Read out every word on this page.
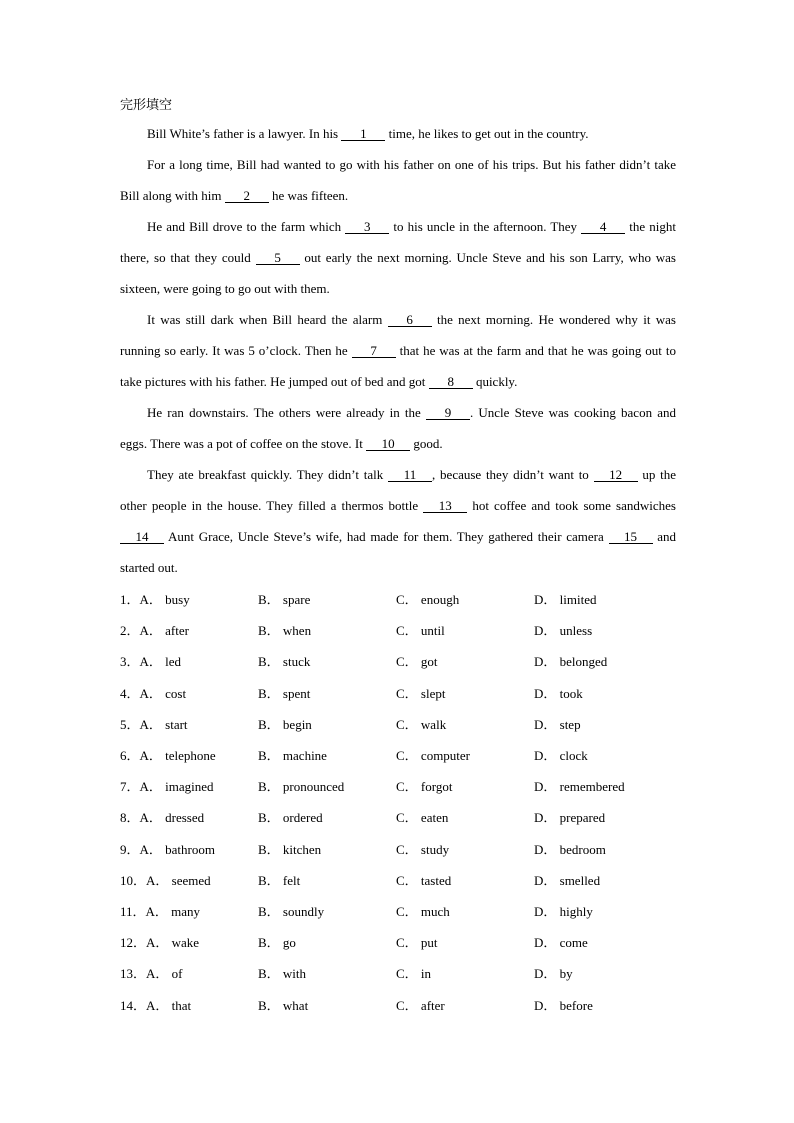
完形填空

Bill White’s father is a lawyer. In his 1 time, he likes to get out in the country.

For a long time, Bill had wanted to go with his father on one of his trips. But his father didn’t take Bill along with him 2 he was fifteen.

He and Bill drove to the farm which 3 to his uncle in the afternoon. They 4 the night there, so that they could 5 out early the next morning. Uncle Steve and his son Larry, who was sixteen, were going to go out with them.

It was still dark when Bill heard the alarm 6 the next morning. He wondered why it was running so early. It was 5 o’clock. Then he 7 that he was at the farm and that he was going out to take pictures with his father. He jumped out of bed and got 8 quickly.

He ran downstairs. The others were already in the 9 . Uncle Steve was cooking bacon and eggs. There was a pot of coffee on the stove. It 10 good.

They ate breakfast quickly. They didn’t talk 11 , because they didn’t want to 12 up the other people in the house. They filled a thermos bottle 13 hot coffee and took some sandwiches 14 Aunt Grace, Uncle Steve’s wife, had made for them. They gathered their camera 15 and started out.

1．A． busy	B． spare	C． enough	D． limited
2．A． after	B． when	C． until	D． unless
3．A． led	B． stuck	C． got	D． belonged
4．A． cost	B． spent	C． slept	D． took
5．A． start	B． begin	C． walk	D． step
6．A． telephone	B． machine	C． computer	D． clock
7．A． imagined	B． pronounced	C． forgot	D． remembered
8．A． dressed	B． ordered	C． eaten	D． prepared
9．A． bathroom	B． kitchen	C． study	D． bedroom
10．A． seemed	B． felt	C． tasted	D． smelled
11．A． many	B． soundly	C． much	D． highly
12．A． wake	B． go	C． put	D． come
13．A． of	B． with	C． in	D． by
14．A． that	B． what	C． after	D． before
